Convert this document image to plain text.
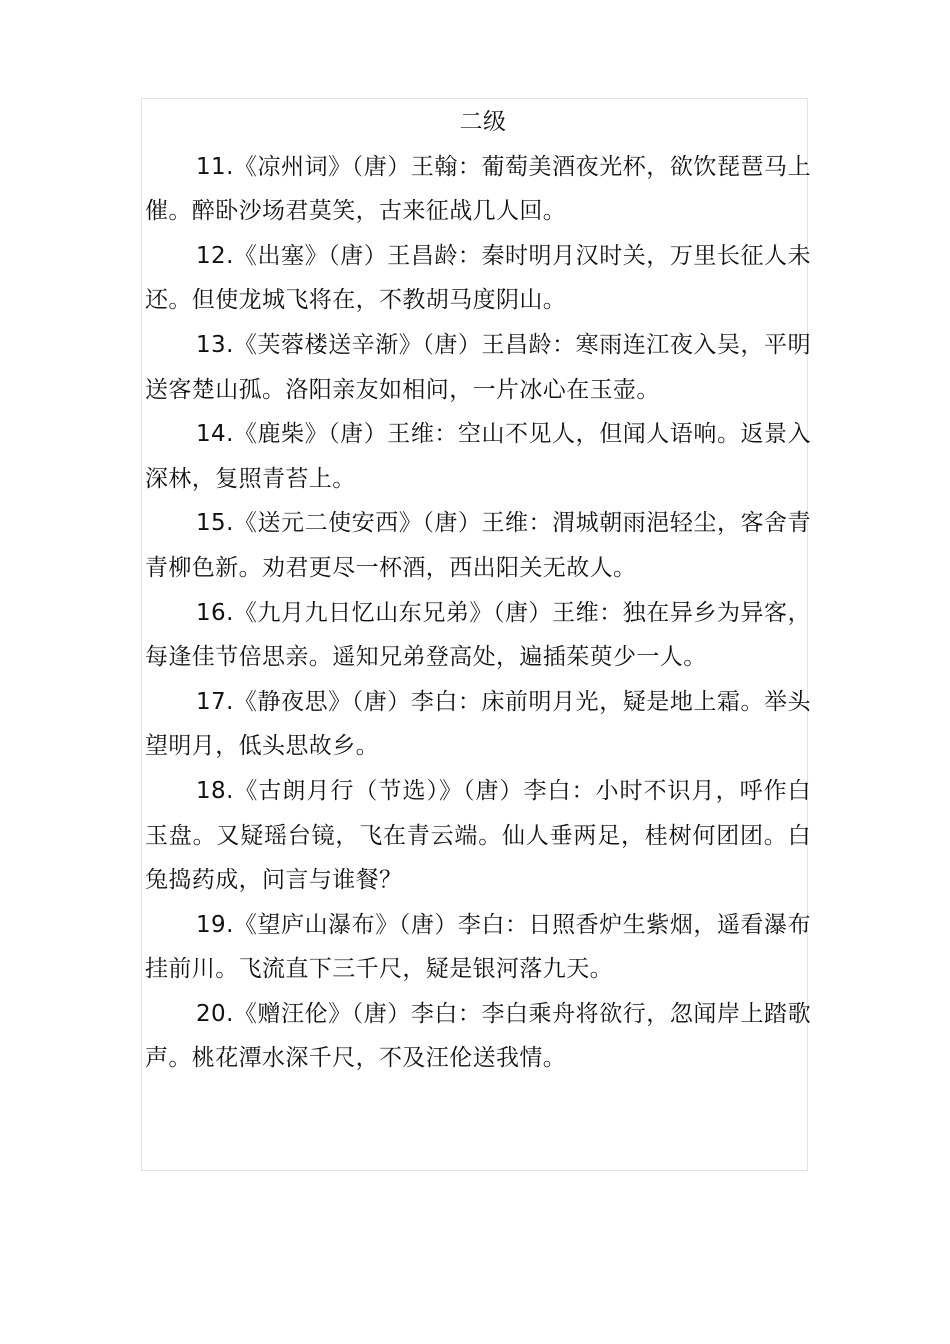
二级

11.《凉州词》（唐）王翰：葡萄美酒夜光杯，欲饮琵琶马上催。醉卧沙场君莫笑，古来征战几人回。

12.《出塞》（唐）王昌龄：秦时明月汉时关，万里长征人未还。但使龙城飞将在，不教胡马度阴山。

13.《芙蓉楼送辛渐》（唐）王昌龄：寒雨连江夜入吴，平明送客楚山孤。洛阳亲友如相问，一片冰心在玉壶。

14.《鹿柴》（唐）王维：空山不见人，但闻人语响。返景入深林，复照青苔上。

15.《送元二使安西》（唐）王维：渭城朝雨浥轻尘，客舍青青柳色新。劝君更尽一杯酒，西出阳关无故人。

16.《九月九日忆山东兄弟》（唐）王维：独在异乡为异客，每逢佳节倍思亲。遥知兄弟登高处，遍插茱萸少一人。

17.《静夜思》（唐）李白：床前明月光，疑是地上霜。举头望明月，低头思故乡。

18.《古朗月行（节选）》（唐）李白：小时不识月，呼作白玉盘。又疑瑶台镜，飞在青云端。仙人垂两足，桂树何团团。白兔捣药成，问言与谁餐？

19.《望庐山瀑布》（唐）李白：日照香炉生紫烟，遥看瀑布挂前川。飞流直下三千尺，疑是银河落九天。

20.《赠汪伦》（唐）李白：李白乘舟将欲行，忽闻岸上踏歌声。桃花潭水深千尺，不及汪伦送我情。
